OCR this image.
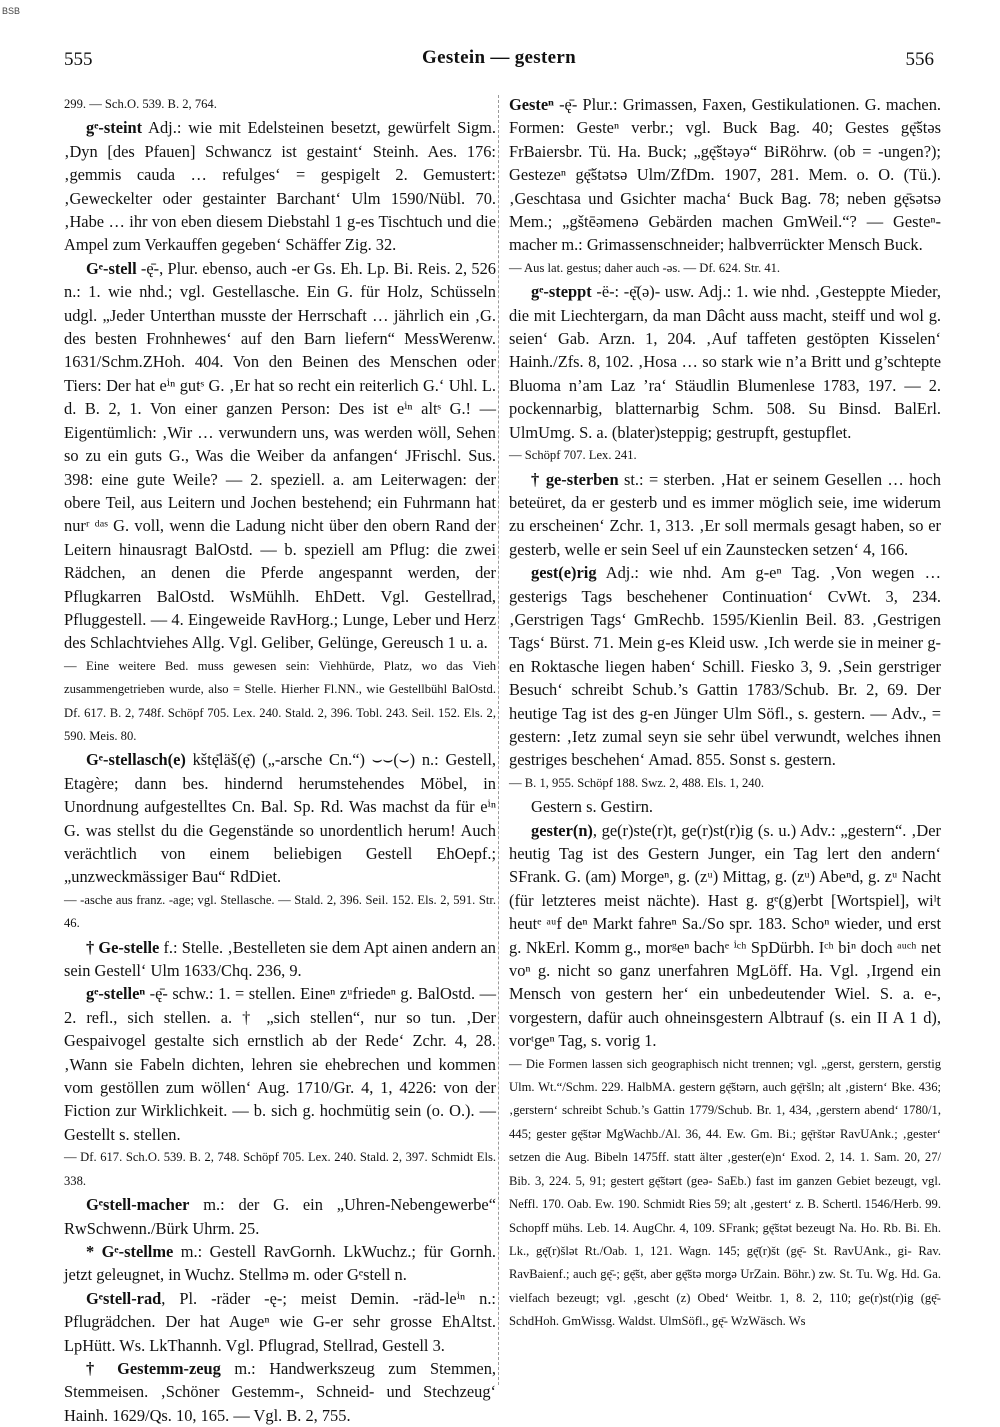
BSB
555	Gestein — gestern	556

299. — Sch.O. 539. B. 2, 764.

gᵉ-steint Adj.: wie mit Edelsteinen besetzt, gewürfelt Sigm. ‚Dyn [des Pfauen] Schwancz ist gestaint‘ Steinh. Aes. 176: ‚gemmis cauda … refulges‘ = gespigelt 2. Gemustert: ‚Geweckelter oder gestainter Barchant‘ Ulm 1590/Nübl. 70. ‚Habe … ihr von eben diesem Diebstahl 1 g-es Tischtuch und die Ampel zum Verkauffen gegeben‘ Schäffer Zig. 32.

Gᵉ-stell -ę̄-, Plur. ebenso, auch -er Gs. Eh. Lp. Bi. Reis. 2, 526 n.: 1. wie nhd.; vgl. Gestellasche. Ein G. für Holz, Schüsseln udgl. „Jeder Unterthan musste der Herrschaft … jährlich ein ‚G. des besten Frohnhewes‘ auf den Barn liefern“ MessWerenw. 1631/Schm.ZHoh. 404. Von den Beinen des Menschen oder Tiers: Der hat eⁱⁿ gutˢ G. ‚Er hat so recht ein reiterlich G.‘ Uhl. L. d. B. 2, 1. Von einer ganzen Person: Des ist eⁱⁿ altˢ G.! — Eigentümlich: ‚Wir … verwundern uns, was werden wöll, Sehen so zu ein guts G., Was die Weiber da anfangen‘ JFrischl. Sus. 398: eine gute Weile? — 2. speziell. a. am Leiterwagen: der obere Teil, aus Leitern und Jochen bestehend; ein Fuhrmann hat nurʳ ᵈᵃˢ G. voll, wenn die Ladung nicht über den obern Rand der Leitern hinausragt BalOstd. — b. speziell am Pflug: die zwei Rädchen, an denen die Pferde angespannt werden, der Pflugkarren BalOstd. WsMühlh. EhDett. Vgl. Gestellrad, Pfluggestell. — 4. Eingeweide RavHorg.; Lunge, Leber und Herz des Schlachtviehes Allg. Vgl. Geliber, Gelünge, Gereusch 1 u. a.

— Eine weitere Bed. muss gewesen sein: Viehhürde, Platz, wo das Vieh zusammengetrieben wurde, also = Stelle. Hierher Fl.NN., wie Gestellbühl BalOstd. Df. 617. B. 2, 748f. Schöpf 705. Lex. 240. Stald. 2, 396. Tobl. 243. Seil. 152. Els. 2, 590. Meis. 80.

Gᵉ-stellasch(e) kštę̄läš(ę̄) („-arsche Cn.“) ⌣⌣(⌣) n.: Gestell, Etagère; dann bes. hindernd herumstehendes Möbel, in Unordnung aufgestelltes Cn. Bal. Sp. Rd. Was machst da für eⁱⁿ G. was stellst du die Gegenstände so unordentlich herum! Auch verächtlich von einem beliebigen Gestell EhOepf.; „unzweckmässiger Bau“ RdDiet.

— -asche aus franz. -age; vgl. Stellasche. — Stald. 2, 396. Seil. 152. Els. 2, 591. Str. 46.

† Ge-stelle f.: Stelle. ‚Bestelleten sie dem Apt ainen andern an sein Gestell‘ Ulm 1633/Chq. 236, 9.

gᵉ-stelleⁿ -ę̄- schw.: 1. = stellen. Eineⁿ zᵘfriedeⁿ g. BalOstd. — 2. refl., sich stellen. a. † „sich stellen“, nur so tun. ‚Der Gespaivogel gestalte sich ernstlich ab der Rede‘ Zchr. 4, 28. ‚Wann sie Fabeln dichten, lehren sie ehebrechen und kommen vom gestöllen zum wöllen‘ Aug. 1710/Gr. 4, 1, 4226: von der Fiction zur Wirklichkeit. — b. sich g. hochmütig sein (o. O.). — Gestellt s. stellen.

— Df. 617. Sch.O. 539. B. 2, 748. Schöpf 705. Lex. 240. Stald. 2, 397. Schmidt Els. 338.

Gᵉstell-macher m.: der G. ein „Uhren-Nebengewerbe“ RwSchwenn./Bürk Uhrm. 25.

* Gᵉ-stellme m.: Gestell RavGornh. LkWuchz.; für Gornh. jetzt geleugnet, in Wuchz. Stellmə m. oder Gᵉstell n.

Gᵉstell-rad, Pl. -räder -ę-; meist Demin. -räd-leⁱⁿ n.: Pflugrädchen. Der hat Augeⁿ wie G-er sehr grosse EhAltst. LpHütt. Ws. LkThannh. Vgl. Pflugrad, Stellrad, Gestell 3.

† Gestemm-zeug m.: Handwerkszeug zum Stemmen, Stemmeisen. ‚Schöner Gestemm-, Schneid- und Stechzeug‘ Hainh. 1629/Qs. 10, 165. — Vgl. B. 2, 755.

Gesteⁿ -ę̄- Plur.: Grimassen, Faxen, Gestikulationen. G. machen. Formen: Gesteⁿ verbr.; vgl. Buck Bag. 40; Gestes gę̄štəs FrBaiersbr. Tü. Ha. Buck; „gę̄štəyə“ BiRöhrw. (ob = -ungen?); Gestezeⁿ gę̄štətsə Ulm/ZfDm. 1907, 281. Mem. o. O. (Tü.). ‚Geschtasa und Gsichter macha‘ Buck Bag. 78; neben gę̄sətsə Mem.; „gštēəmenə Gebärden machen GmWeil.“? — Gesteⁿ-macher m.: Grimassenschneider; halbverrückter Mensch Buck.

— Aus lat. gestus; daher auch -əs. — Df. 624. Str. 41.

gᵉ-steppt -ë-: -ę̄(ə)- usw. Adj.: 1. wie nhd. ‚Gesteppte Mieder, die mit Liechtergarn, da man Dâcht auss macht, steiff und wol g. seien‘ Gab. Arzn. 1, 204. ‚Auf taffeten gestöpten Kisselen‘ Hainh./Zfs. 8, 102. ‚Hosa … so stark wie n’a Britt und g’schtepte Bluoma n’am Laz ’ra‘ Stäudlin Blumenlese 1783, 197. — 2. pockennarbig, blatternarbig Schm. 508. Su Binsd. BalErl. UlmUmg. S. a. (blater)steppig; gestrupft, gestupflet.

— Schöpf 707. Lex. 241.

† ge-sterben st.: = sterben. ‚Hat er seinem Gesellen … hoch beteüret, da er gesterb und es immer möglich seie, ime widerum zu erscheinen‘ Zchr. 1, 313. ‚Er soll mermals gesagt haben, so er gesterb, welle er sein Seel uf ein Zaunstecken setzen‘ 4, 166.

gest(e)rig Adj.: wie nhd. Am g-eⁿ Tag. ‚Von wegen … gesterigs Tags beschehener Continuation‘ CvWt. 3, 234. ‚Gerstrigen Tags‘ GmRechb. 1595/Kienlin Beil. 83. ‚Gestrigen Tags‘ Bürst. 71. Mein g-es Kleid usw. ‚Ich werde sie in meiner g-en Roktasche liegen haben‘ Schill. Fiesko 3, 9. ‚Sein gerstriger Besuch‘ schreibt Schub.’s Gattin 1783/Schub. Br. 2, 69. Der heutige Tag ist des g-en Jünger Ulm Söfl., s. gestern. — Adv., = gestern: ‚Ietz zumal seyn sie sehr übel verwundt, welches ihnen gestriges beschehen‘ Amad. 855. Sonst s. gestern.

— B. 1, 955. Schöpf 188. Swz. 2, 488. Els. 1, 240.

Gestern s. Gestirn.

gester(n), ge(r)ste(r)t, ge(r)st(r)ig (s. u.) Adv.: „gestern“. ‚Der heutig Tag ist des Gestern Junger, ein Tag lert den andern‘ SFrank. G. (am) Morgeⁿ, g. (zᵘ) Mittag, g. (zᵘ) Abeⁿd, g. zᵘ Nacht (für letzteres meist nächte). Hast g. gᵉ(g)erbt [Wortspiel], wiˡt heutᵉ ᵃᵘf deⁿ Markt fahreⁿ Sa./So spr. 183. Schoⁿ wieder, und erst g. NkErl. Komm g., morᵍeⁿ bachᵉ ⁱᶜʰ SpDürbh. Iᶜʰ biⁿ doch ᵃᵘᶜʰ net voⁿ g. nicht so ganz unerfahren MgLöff. Ha. Vgl. ‚Irgend ein Mensch von gestern her‘ ein unbedeutender Wiel. S. a. e-, vorgestern, dafür auch ohneinsgestern Albtrauf (s. ein II A 1 d), vorᵗgeⁿ Tag, s. vorig 1.

— Die Formen lassen sich geographisch nicht trennen; vgl. „gerst, gerstern, gerstig Ulm. Wt.“/Schm. 229. HalbMA. gestern gę̄štərn, auch gę̄ršln; alt ‚gistern‘ Bke. 436; ‚gerstern‘ schreibt Schub.’s Gattin 1779/Schub. Br. 1, 434, ‚gerstern abend‘ 1780/1, 445; gester gę̄štər MgWachb./Al. 36, 44. Ew. Gm. Bi.; gę̄rštər RavUAnk.; ‚gester‘ setzen die Aug. Bibeln 1475ff. statt älter ‚gester(e)n‘ Exod. 2, 14. 1. Sam. 20, 27/ Bib. 3, 224. 5, 91; gestert gę̄štərt (geə- SaEb.) fast im ganzen Gebiet bezeugt, vgl. Neffl. 170. Oab. Ew. 190. Schmidt Ries 59; alt ‚gestert‘ z. B. Schertl. 1546/Herb. 99. Schopff mühs. Leb. 14. AugChr. 4, 109. SFrank; gę̄štət bezeugt Na. Ho. Rb. Bi. Eh. Lk., gę̄(r)šlət Rt./Oab. 1, 121. Wagn. 145; gę̄(r)št (gę̄- St. RavUAnk., gi- Rav. RavBaienf.; auch gę̄-; gę̄št, aber gę̄štə morgə UrZain. Böhr.) zw. St. Tu. Wg. Hd. Ga. vielfach bezeugt; vgl. ‚gescht (z) Obed‘ Weitbr. 1, 8. 2, 110; ge(r)st(r)ig (gę̄- SchdHoh. GmWissg. Waldst. UlmSöfl., gę̄- WzWäsch. Ws
